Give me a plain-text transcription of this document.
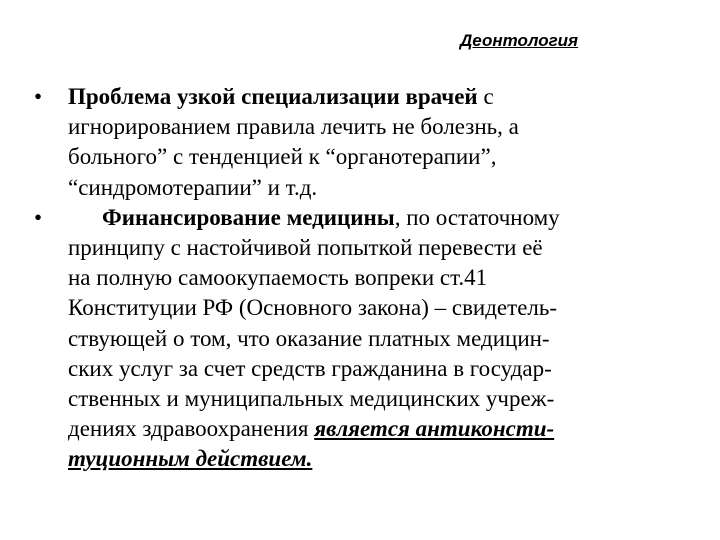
Деонтология
• Проблема узкой специализации врачей с
игнорированием правила лечить не болезнь, а
больного” с тенденцией к “органотерапии”,
“синдромотерапии” и т.д.
•	Финансирование медицины, по остаточному
принципу с настойчивой попыткой перевести её
на полную самоокупаемость вопреки ст.41
Конституции РФ (Основного закона) – свидетель-
ствующей о том, что оказание платных медицин-
ских услуг за счет средств гражданина в государ-
ственных и муниципальных медицинских учреж-
дениях здравоохранения является антиконсти-
туционным действием.
